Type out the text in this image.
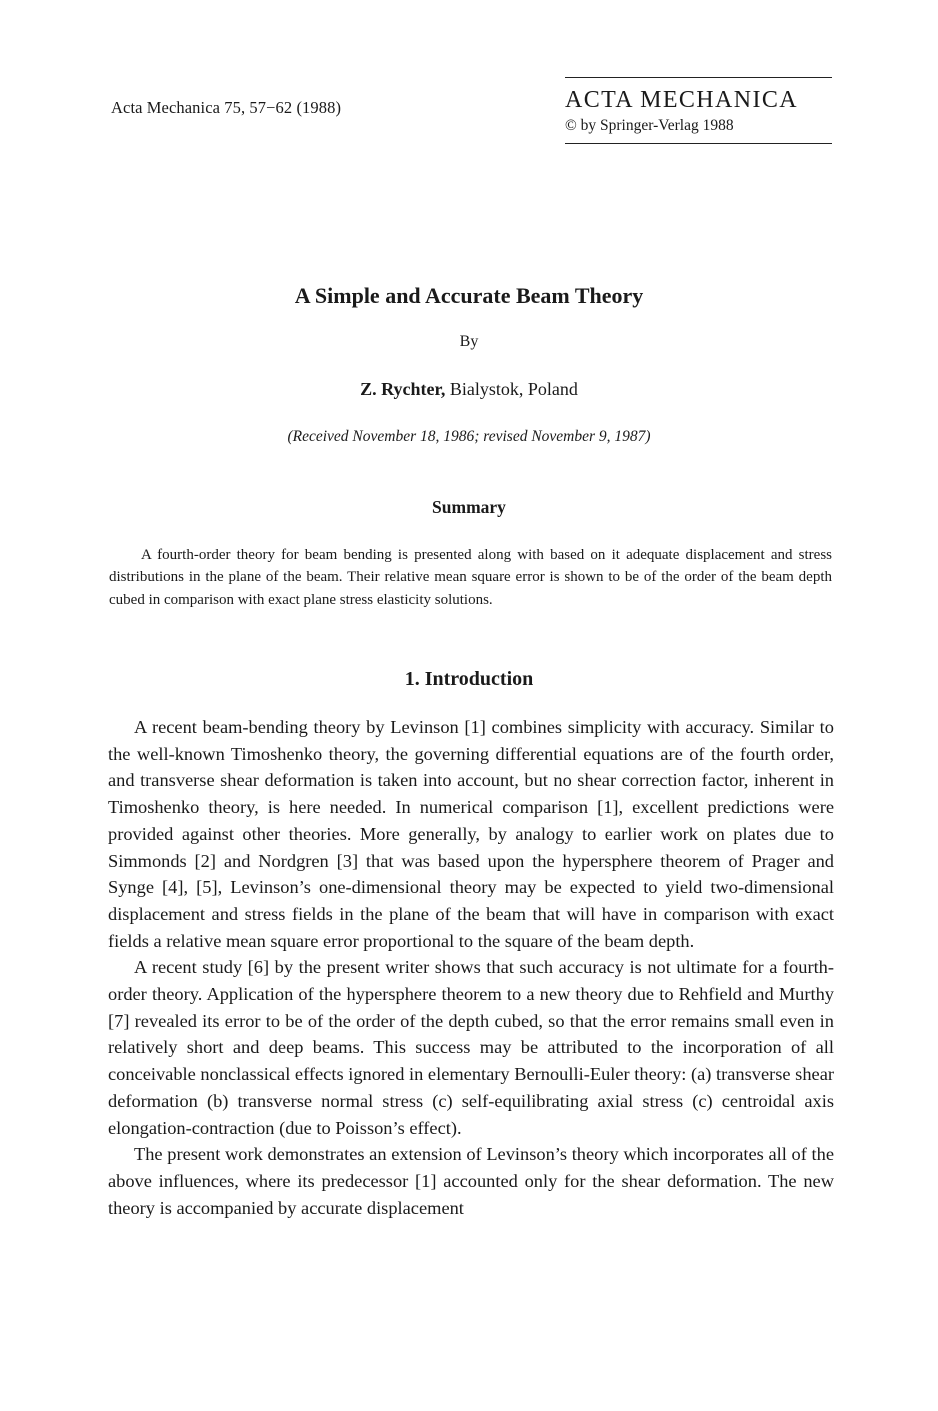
Acta Mechanica 75, 57−62 (1988)	ACTA MECHANICA
© by Springer-Verlag 1988
A Simple and Accurate Beam Theory
By
Z. Rychter, Bialystok, Poland
(Received November 18, 1986; revised November 9, 1987)
Summary

A fourth-order theory for beam bending is presented along with based on it adequate displacement and stress distributions in the plane of the beam. Their relative mean square error is shown to be of the order of the beam depth cubed in comparison with exact plane stress elasticity solutions.

1. Introduction

A recent beam-bending theory by Levinson [1] combines simplicity with accuracy. Similar to the well-known Timoshenko theory, the governing differential equations are of the fourth order, and transverse shear deformation is taken into account, but no shear correction factor, inherent in Timoshenko theory, is here needed. In numerical comparison [1], excellent predictions were provided against other theories. More generally, by analogy to earlier work on plates due to Simmonds [2] and Nordgren [3] that was based upon the hypersphere theorem of Prager and Synge [4], [5], Levinson’s one-dimensional theory may be expected to yield two-dimensional displacement and stress fields in the plane of the beam that will have in comparison with exact fields a relative mean square error proportional to the square of the beam depth.

A recent study [6] by the present writer shows that such accuracy is not ultimate for a fourth-order theory. Application of the hypersphere theorem to a new theory due to Rehfield and Murthy [7] revealed its error to be of the order of the depth cubed, so that the error remains small even in relatively short and deep beams. This success may be attributed to the incorporation of all conceivable nonclassical effects ignored in elementary Bernoulli-Euler theory: (a) transverse shear deformation (b) transverse normal stress (c) self-equilibrating axial stress (c) centroidal axis elongation-contraction (due to Poisson’s effect).

The present work demonstrates an extension of Levinson’s theory which incorporates all of the above influences, where its predecessor [1] accounted only for the shear deformation. The new theory is accompanied by accurate displacement
